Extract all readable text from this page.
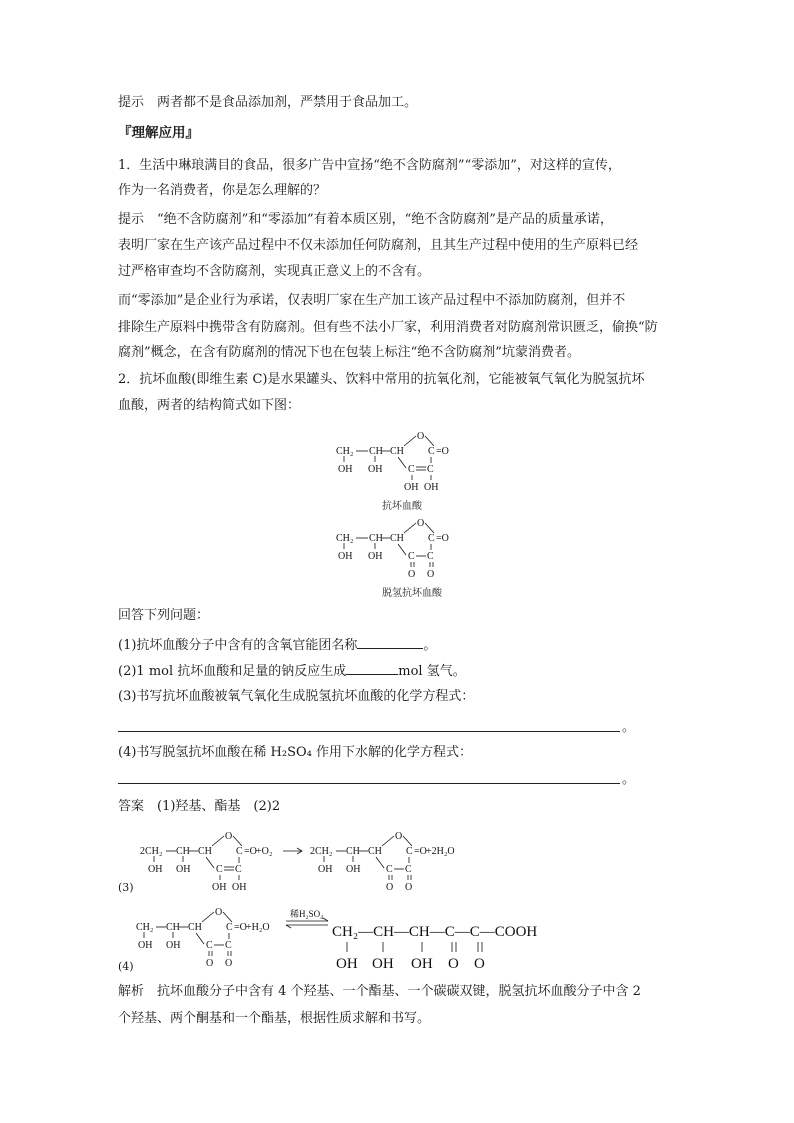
提示　两者都不是食品添加剂，严禁用于食品加工。
『理解应用』
1．生活中琳琅满目的食品，很多广告中宣扬“绝不含防腐剂”“零添加”，对这样的宣传，
作为一名消费者，你是怎么理解的？
提示　“绝不含防腐剂”和“零添加”有着本质区别，“绝不含防腐剂”是产品的质量承诺，
表明厂家在生产该产品过程中不仅未添加任何防腐剂，且其生产过程中使用的生产原料已经
过严格审查均不含防腐剂，实现真正意义上的不含有。
而“零添加”是企业行为承诺，仅表明厂家在生产加工该产品过程中不添加防腐剂，但并不
排除生产原料中携带含有防腐剂。但有些不法小厂家，利用消费者对防腐剂常识匮乏，偷换“防
腐剂”概念，在含有防腐剂的情况下也在包装上标注“绝不含防腐剂”坑蒙消费者。
2．抗坏血酸(即维生素 C)是水果罐头、饮料中常用的抗氧化剂，它能被氧气氧化为脱氢抗坏
血酸，两者的结构简式如下图：
CH₂ CH CH
OH OH
O
C =O
C C
OH OH
抗坏血酸
CH₂ CH CH
OH OH
O
C =O
C C
O O
脱氢抗坏血酸
回答下列问题：
(1)抗坏血酸分子中含有的含氧官能团名称	。
(2)1 mol 抗坏血酸和足量的钠反应生成	mol 氢气。
(3)书写抗坏血酸被氧气氧化生成脱氢抗坏血酸的化学方程式：
。
(4)书写脱氢抗坏血酸在稀 H₂SO₄ 作用下水解的化学方程式：
。
答案　(1)羟基、酯基　(2)2
2CH₂ CH CH
OH OH
O
C =O +O₂
C C
OH OH
2CH₂ CH CH
OH OH
O
C =O +2H₂O
C C
O O
(3)
CH₂ CH CH
OH OH
O
C =O +H₂O
C C
O O
稀H₂SO₄
CH₂—CH—CH—C—C—COOH
OH OH OH O O
(4)
解析　抗坏血酸分子中含有 4 个羟基、一个酯基、一个碳碳双键，脱氢抗坏血酸分子中含 2
个羟基、两个酮基和一个酯基，根据性质求解和书写。
